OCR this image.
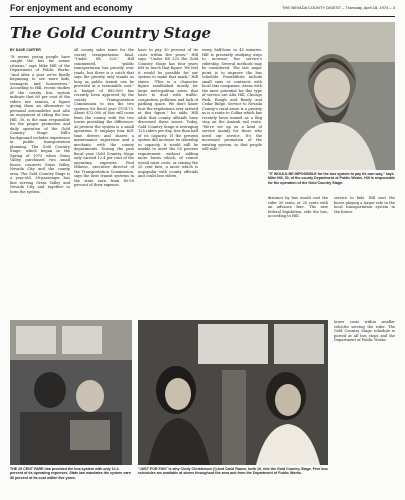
For enjoyment and economy	THE NEVADA COUNTY DIGEST – Thursday, April 18, 1974 – 3
The Gold Country Stage
BY DAVE CARTER
"It seems young people have caught the bus for senior citizens," says Mike Hill of the Department of Public Works. "And after a year we're finally beginning to see more kids, teenagers and housewives." According to Hill, recent studies of the county bus system indicate that 80 per cent of the riders are seniors, a figure giving them an alternative to personal automobiles and also an enjoyment of riding the bus. Hill, 30, is the man responsible for the proper promotion and daily operation of the Gold Country Stage. Hill's background includes experience in public transportation planning. The Gold Country Stage, which began in the Spring of 1973 when Grass Valley purchased two small buses, connects Grass Valley, Nevada City and the county area. The Gold Country Stage is a year-old, 58-passenger bus line serving Grass Valley and Nevada City and together to form the system.
all county sales taxes for the county transportation fund. "Under SB 325," Hill commented, "public transportation has priority over roads, but there is a catch that says the priority only stands as long as public transit can be provided at a reasonable cost." A budget of $85,000 has recently been approved by the county Transportation Commission to run the two systems for fiscal year 1974-75. About $72,000 of this will come from the county with the two towns providing the difference. At present the system is a small operation. It employs four full-time drivers and shares a maintenance supervisor and a mechanic with the county departments. During the past fiscal year, Gold Country Stage only carried 12.4 per cent of the operating expenses. Paul Milavec, executive director of the Transportation Commission, says the best transit systems in the state earn from 40-50 percent of their expense.
have to pay 50 percent of its costs within five years," Hill says. "Under SB 325 the Gold Country Stage has four years left to reach that figure. We feel it would be possible for our system to make that mark," Hill states. "This is a character figure established mostly for large metropolitan areas that have to deal with traffic, congestion, pollution and lack of parking space. We don't know how the regulations ever arrived at this figure," he adds. Hill adds that county officials have discussed these issues. Today, Gold Country Stage is averaging 125 riders per day, less than half of its capacity. If the present system did increase its ridership to capacity, it would still be unable to meet the 50 percent requirement without adding more buses which, of course would raise costs, or raising the 25 cent fare, a move which is unpopular with county officials and could lose riders.
every half-hour to 45 minutes. Hill is presently studying ways to increase the service's ridership. Several methods may be considered. The last major point is to improve the bus schedule. Possibilities include small vans or contracts with local taxi companies. Areas with the most potential for this type of service are Alta Hill, Chicago Park, Rough and Ready and Cedar Ridge. Service to Nevada County's rural areas is a priority as is a route to Colfax which has recently been named as a flag stop on the Amtrak rail route. "We're set up as a kind of service mainly for those who need our service. It's the increased promotion of the existing system, so that people will ride."
"IT WOULD BE IMPOSSIBLE for the bus system to pay its own way," says Mike Hill, 30, of the county Department of Public Works. Hill is responsible for the operation of the Gold Country Stage.
distance by bus would cost the rider 30 cents, or 20 cents with an advance fare. The new federal legislation, ride the bus, according to Hill.
service to kids. Hill sees the buses playing a larger role in the local transportation system in the future.
THE 25 CENT FARE has provided the bus system with only 12.4 percent of its operating expenses. State law mandates the system earn 50 percent of its cost within five years.
"JUST FOR FUN" is why Cindy Christensen (l) and Carol Rauen, both 10, ride the Gold Country Stage. Free bus schedules are available at stores throughout the area and from the Department of Public Works.
lower costs within smaller vehicles serving the rider. The Gold Country Stage schedule is posted at all bus stops and the Department of Public Works.
